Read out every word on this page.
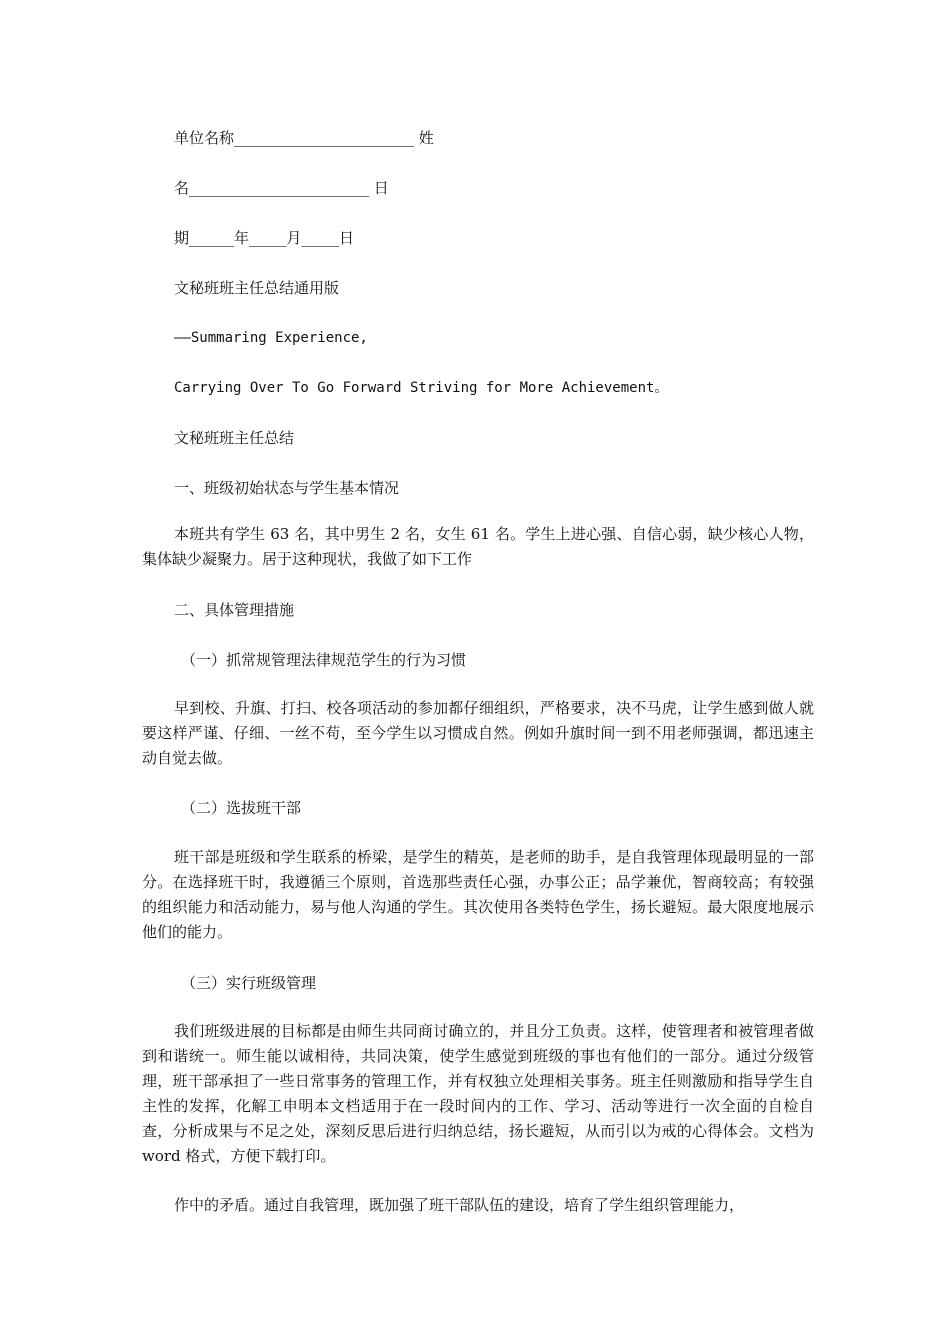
单位名称________________________ 姓
名________________________ 日
期______年_____月_____日
文秘班班主任总结通用版
——Summaring Experience,
Carrying Over To Go Forward Striving for More Achievement。
文秘班班主任总结
一、班级初始状态与学生基本情况
本班共有学生 63 名，其中男生 2 名，女生 61 名。学生上进心强、自信心弱，缺少核心人物，集体缺少凝聚力。居于这种现状，我做了如下工作
二、具体管理措施
（一）抓常规管理法律规范学生的行为习惯
早到校、升旗、打扫、校各项活动的参加都仔细组织，严格要求，决不马虎，让学生感到做人就要这样严谨、仔细、一丝不苟，至今学生以习惯成自然。例如升旗时间一到不用老师强调，都迅速主动自觉去做。
（二）选拔班干部
班干部是班级和学生联系的桥梁，是学生的精英，是老师的助手，是自我管理体现最明显的一部分。在选择班干时，我遵循三个原则，首选那些责任心强，办事公正；品学兼优，智商较高；有较强的组织能力和活动能力，易与他人沟通的学生。其次使用各类特色学生，扬长避短。最大限度地展示他们的能力。
（三）实行班级管理
我们班级进展的目标都是由师生共同商讨确立的，并且分工负责。这样，使管理者和被管理者做到和谐统一。师生能以诚相待，共同决策，使学生感觉到班级的事也有他们的一部分。通过分级管理，班干部承担了一些日常事务的管理工作，并有权独立处理相关事务。班主任则激励和指导学生自主性的发挥，化解工申明本文档适用于在一段时间内的工作、学习、活动等进行一次全面的自检自查，分析成果与不足之处，深刻反思后进行归纳总结，扬长避短，从而引以为戒的心得体会。文档为 word 格式，方便下载打印。
作中的矛盾。通过自我管理，既加强了班干部队伍的建设，培育了学生组织管理能力，
